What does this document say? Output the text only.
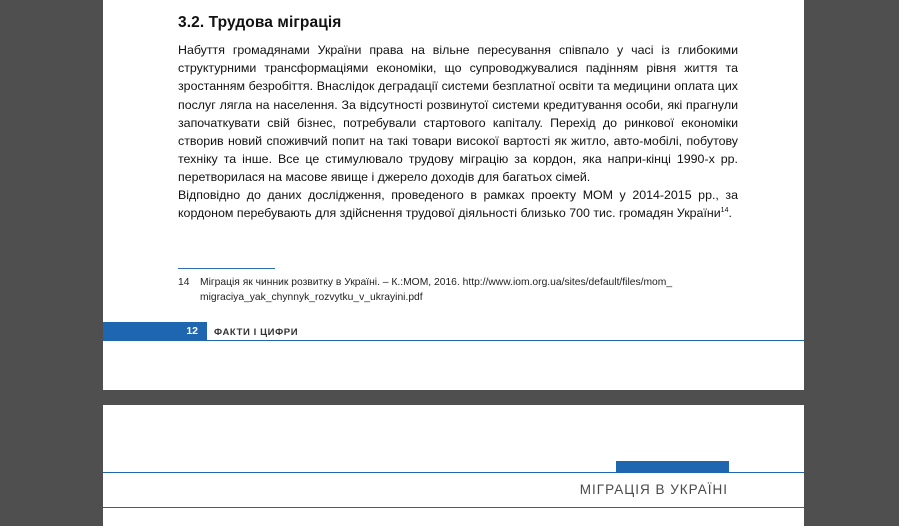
3.2. Трудова міграція

Набуття громадянами України права на вільне пересування співпало у часі із глибокими структурними трансформаціями економіки, що супроводжувалися падінням рівня життя та зростанням безробіття. Внаслідок деградації системи безплатної освіти та медицини оплата цих послуг лягла на населення. За відсутності розвинутої системи кредитування особи, які прагнули започаткувати свій бізнес, потребували стартового капіталу. Перехід до ринкової економіки створив новий споживчий попит на такі товари високої вартості як житло, авто-мобілі, побутову техніку та інше. Все це стимулювало трудову міграцію за кордон, яка напри-кінці 1990-х рр. перетворилася на масове явище і джерело доходів для багатьох сімей.

Відповідно до даних дослідження, проведеного в рамках проекту МОМ у 2014-2015 рр., за кордоном перебувають для здійснення трудової діяльності близько 700 тис. громадян України$^{14}$.

14 Міграція як чинник розвитку в Україні. – К.:МОМ, 2016. http://www.iom.org.ua/sites/default/files/mom_ migraciya_yak_chynnyk_rozvytku_v_ukrayini.pdf
12	ФАКТИ І ЦИФРИ
МІГРАЦІЯ В УКРАЇНІ
